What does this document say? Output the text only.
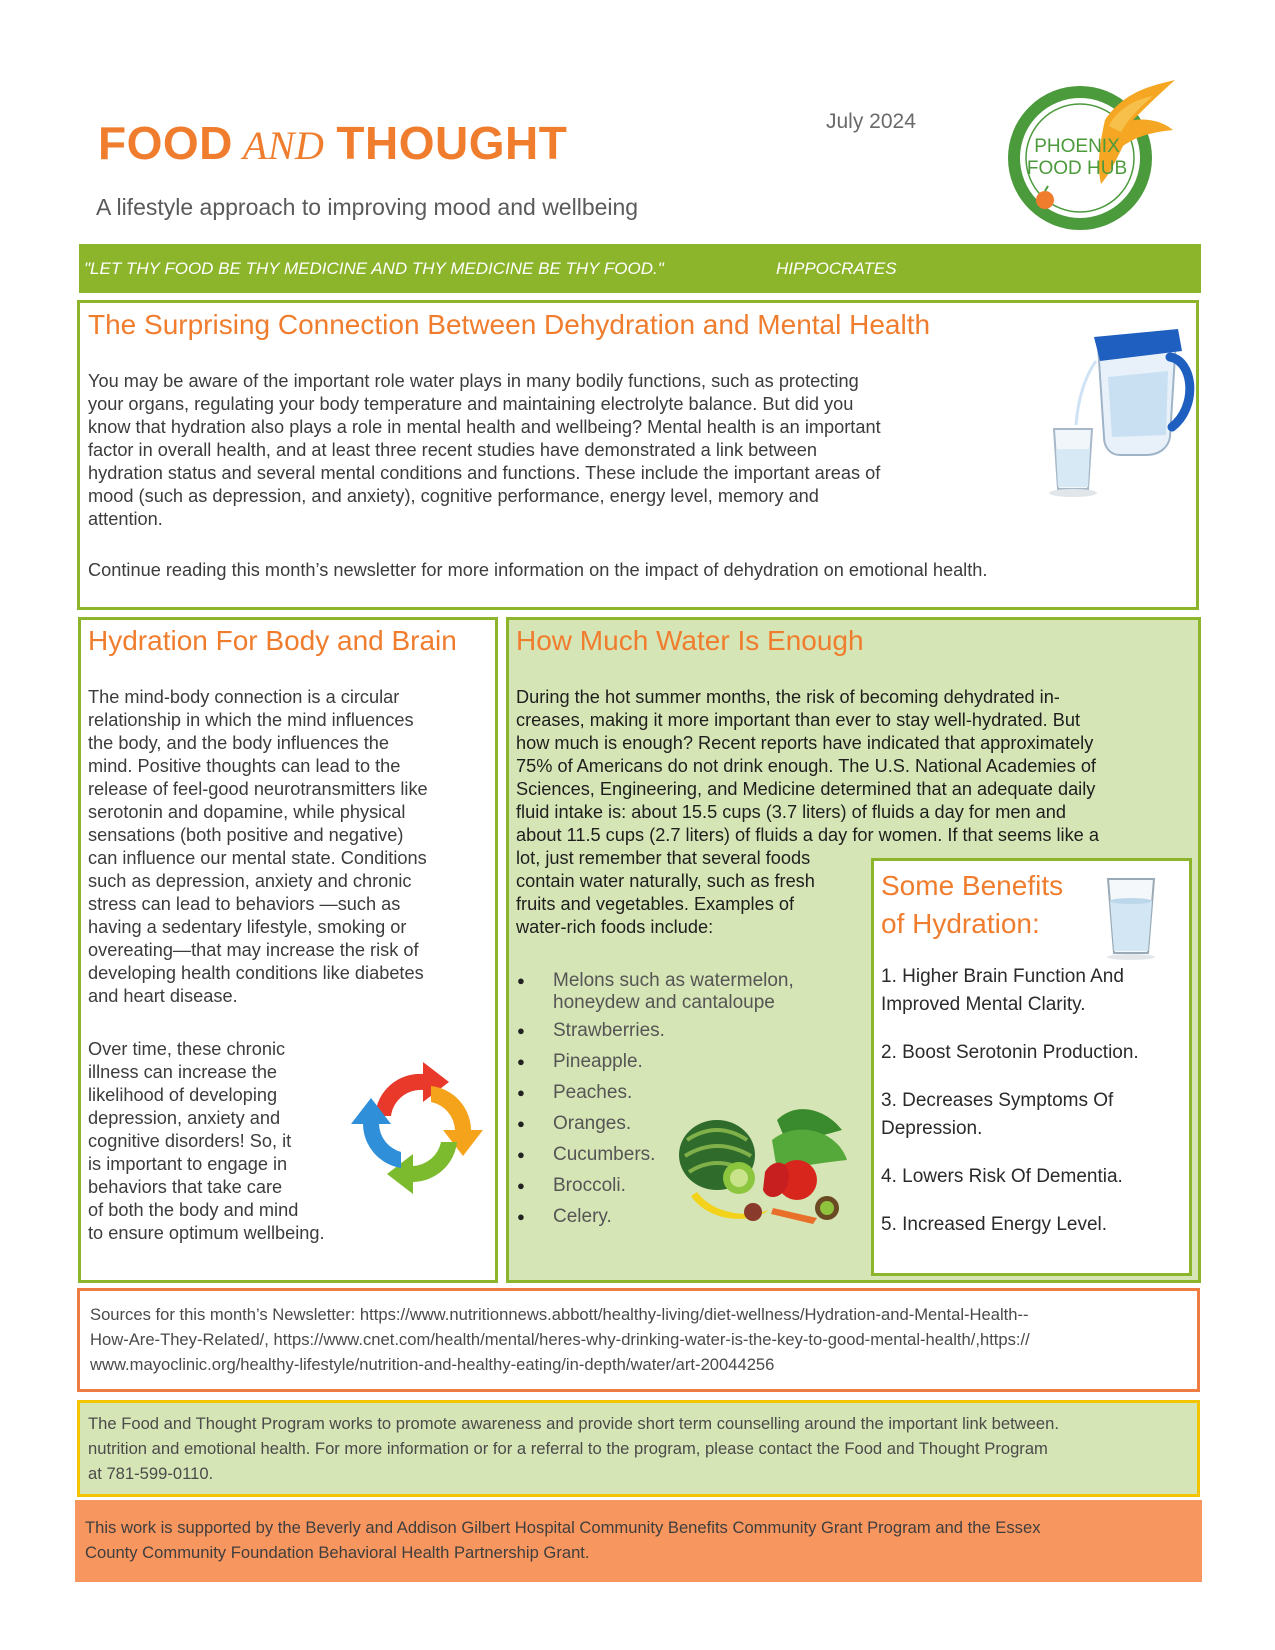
FOOD AND THOUGHT
A lifestyle approach to improving mood and wellbeing
July 2024
PHOENIX
FOOD HUB
"LET THY FOOD BE THY MEDICINE AND THY MEDICINE BE THY FOOD."	HIPPOCRATES
The Surprising Connection Between Dehydration and Mental Health
You may be aware of the important role water plays in many bodily functions, such as protecting
your organs, regulating your body temperature and maintaining electrolyte balance. But did you
know that hydration also plays a role in mental health and wellbeing? Mental health is an important
factor in overall health, and at least three recent studies have demonstrated a link between
hydration status and several mental conditions and functions. These include the important areas of
mood (such as depression, and anxiety), cognitive performance, energy level, memory and
attention.
Continue reading this month’s newsletter for more information on the impact of dehydration on emotional health.
Hydration For Body and Brain
The mind-body connection is a circular
relationship in which the mind influences
the body, and the body influences the
mind. Positive thoughts can lead to the
release of feel-good neurotransmitters like
serotonin and dopamine, while physical
sensations (both positive and negative)
can influence our mental state. Conditions
such as depression, anxiety and chronic
stress can lead to behaviors —such as
having a sedentary lifestyle, smoking or
overeating—that may increase the risk of
developing health conditions like diabetes
and heart disease.
Over time, these chronic
illness can increase the
likelihood of developing
depression, anxiety and
cognitive disorders! So, it
is important to engage in
behaviors that take care
of both the body and mind
to ensure optimum wellbeing.
How Much Water Is Enough
During the hot summer months, the risk of becoming dehydrated in-
creases, making it more important than ever to stay well-hydrated. But
how much is enough? Recent reports have indicated that approximately
75% of Americans do not drink enough. The U.S. National Academies of
Sciences, Engineering, and Medicine determined that an adequate daily
fluid intake is: about 15.5 cups (3.7 liters) of fluids a day for men and
about 11.5 cups (2.7 liters) of fluids a day for women. If that seems like a
lot, just remember that several foods
contain water naturally, such as fresh
fruits and vegetables. Examples of
water-rich foods include:
● Melons such as watermelon, honeydew and cantaloupe
● Strawberries.
● Pineapple.
● Peaches.
● Oranges.
● Cucumbers.
● Broccoli.
● Celery.
Some Benefits
of Hydration:
1. Higher Brain Function And Improved Mental Clarity.
2. Boost Serotonin Production.
3. Decreases Symptoms Of Depression.
4. Lowers Risk Of Dementia.
5. Increased Energy Level.
Sources for this month’s Newsletter: https://www.nutritionnews.abbott/healthy-living/diet-wellness/Hydration-and-Mental-Health--
How-Are-They-Related/, https://www.cnet.com/health/mental/heres-why-drinking-water-is-the-key-to-good-mental-health/,https://
www.mayoclinic.org/healthy-lifestyle/nutrition-and-healthy-eating/in-depth/water/art-20044256
The Food and Thought Program works to promote awareness and provide short term counselling around the important link between.
nutrition and emotional health. For more information or for a referral to the program, please contact the Food and Thought Program
at 781-599-0110.
This work is supported by the Beverly and Addison Gilbert Hospital Community Benefits Community Grant Program and the Essex
County Community Foundation Behavioral Health Partnership Grant.
